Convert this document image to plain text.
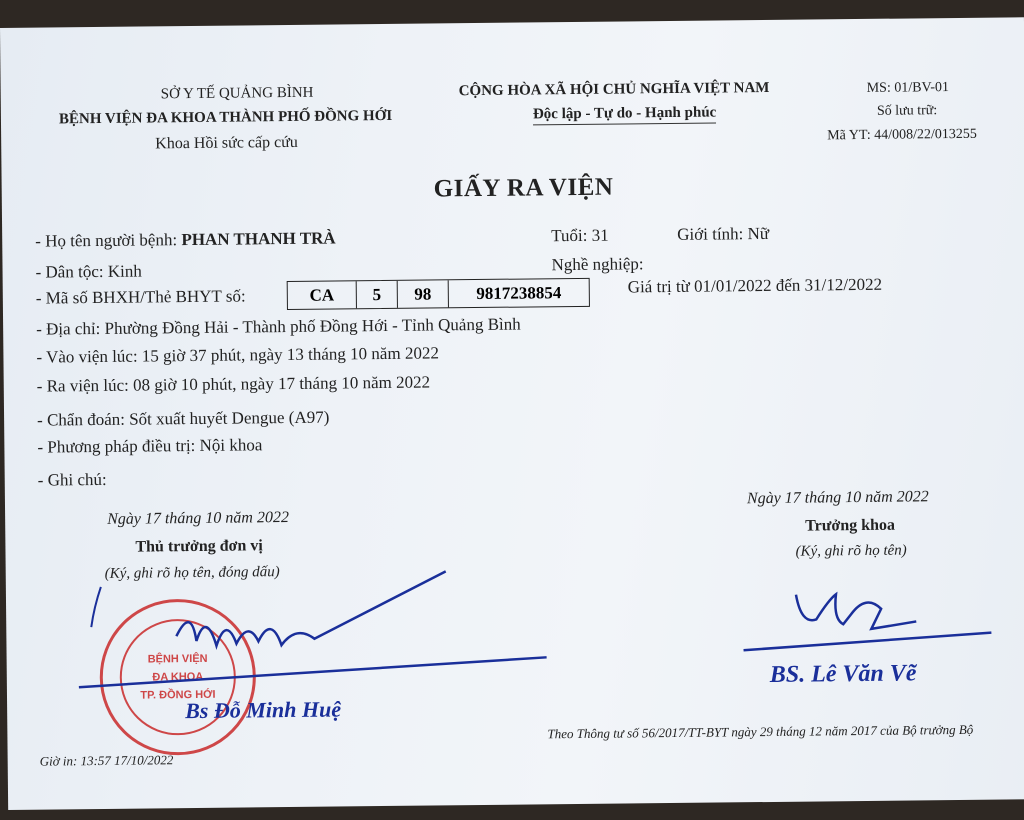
SỞ Y TẾ QUẢNG BÌNH
BỆNH VIỆN ĐA KHOA THÀNH PHỐ ĐỒNG HỚI
Khoa Hồi sức cấp cứu
CỘNG HÒA XÃ HỘI CHỦ NGHĨA VIỆT NAM
Độc lập - Tự do - Hạnh phúc
MS: 01/BV-01
Số lưu trữ:
Mã YT: 44/008/22/013255
GIẤY RA VIỆN
- Họ tên người bệnh: PHAN THANH TRÀ	Tuổi: 31	Giới tính: Nữ
- Dân tộc: Kinh	Nghề nghiệp:
- Mã số BHXH/Thẻ BHYT số:	CA	5	98	9817238854	Giá trị từ 01/01/2022 đến 31/12/2022
- Địa chỉ: Phường Đồng Hải - Thành phố Đồng Hới - Tỉnh Quảng Bình
- Vào viện lúc: 15 giờ 37 phút, ngày 13 tháng 10 năm 2022
- Ra viện lúc: 08 giờ 10 phút, ngày 17 tháng 10 năm 2022
- Chẩn đoán: Sốt xuất huyết Dengue (A97)
- Phương pháp điều trị: Nội khoa
- Ghi chú:
Ngày 17 tháng 10 năm 2022
Thủ trưởng đơn vị
(Ký, ghi rõ họ tên, đóng dấu)
BỆNH VIỆN
ĐA KHOA
TP. ĐỒNG HỚI
Bs Đỗ Minh Huệ
Ngày 17 tháng 10 năm 2022
Trưởng khoa
(Ký, ghi rõ họ tên)
BS. Lê Văn Vẽ
Giờ in: 13:57 17/10/2022
Theo Thông tư số 56/2017/TT-BYT ngày 29 tháng 12 năm 2017 của Bộ trưởng Bộ
